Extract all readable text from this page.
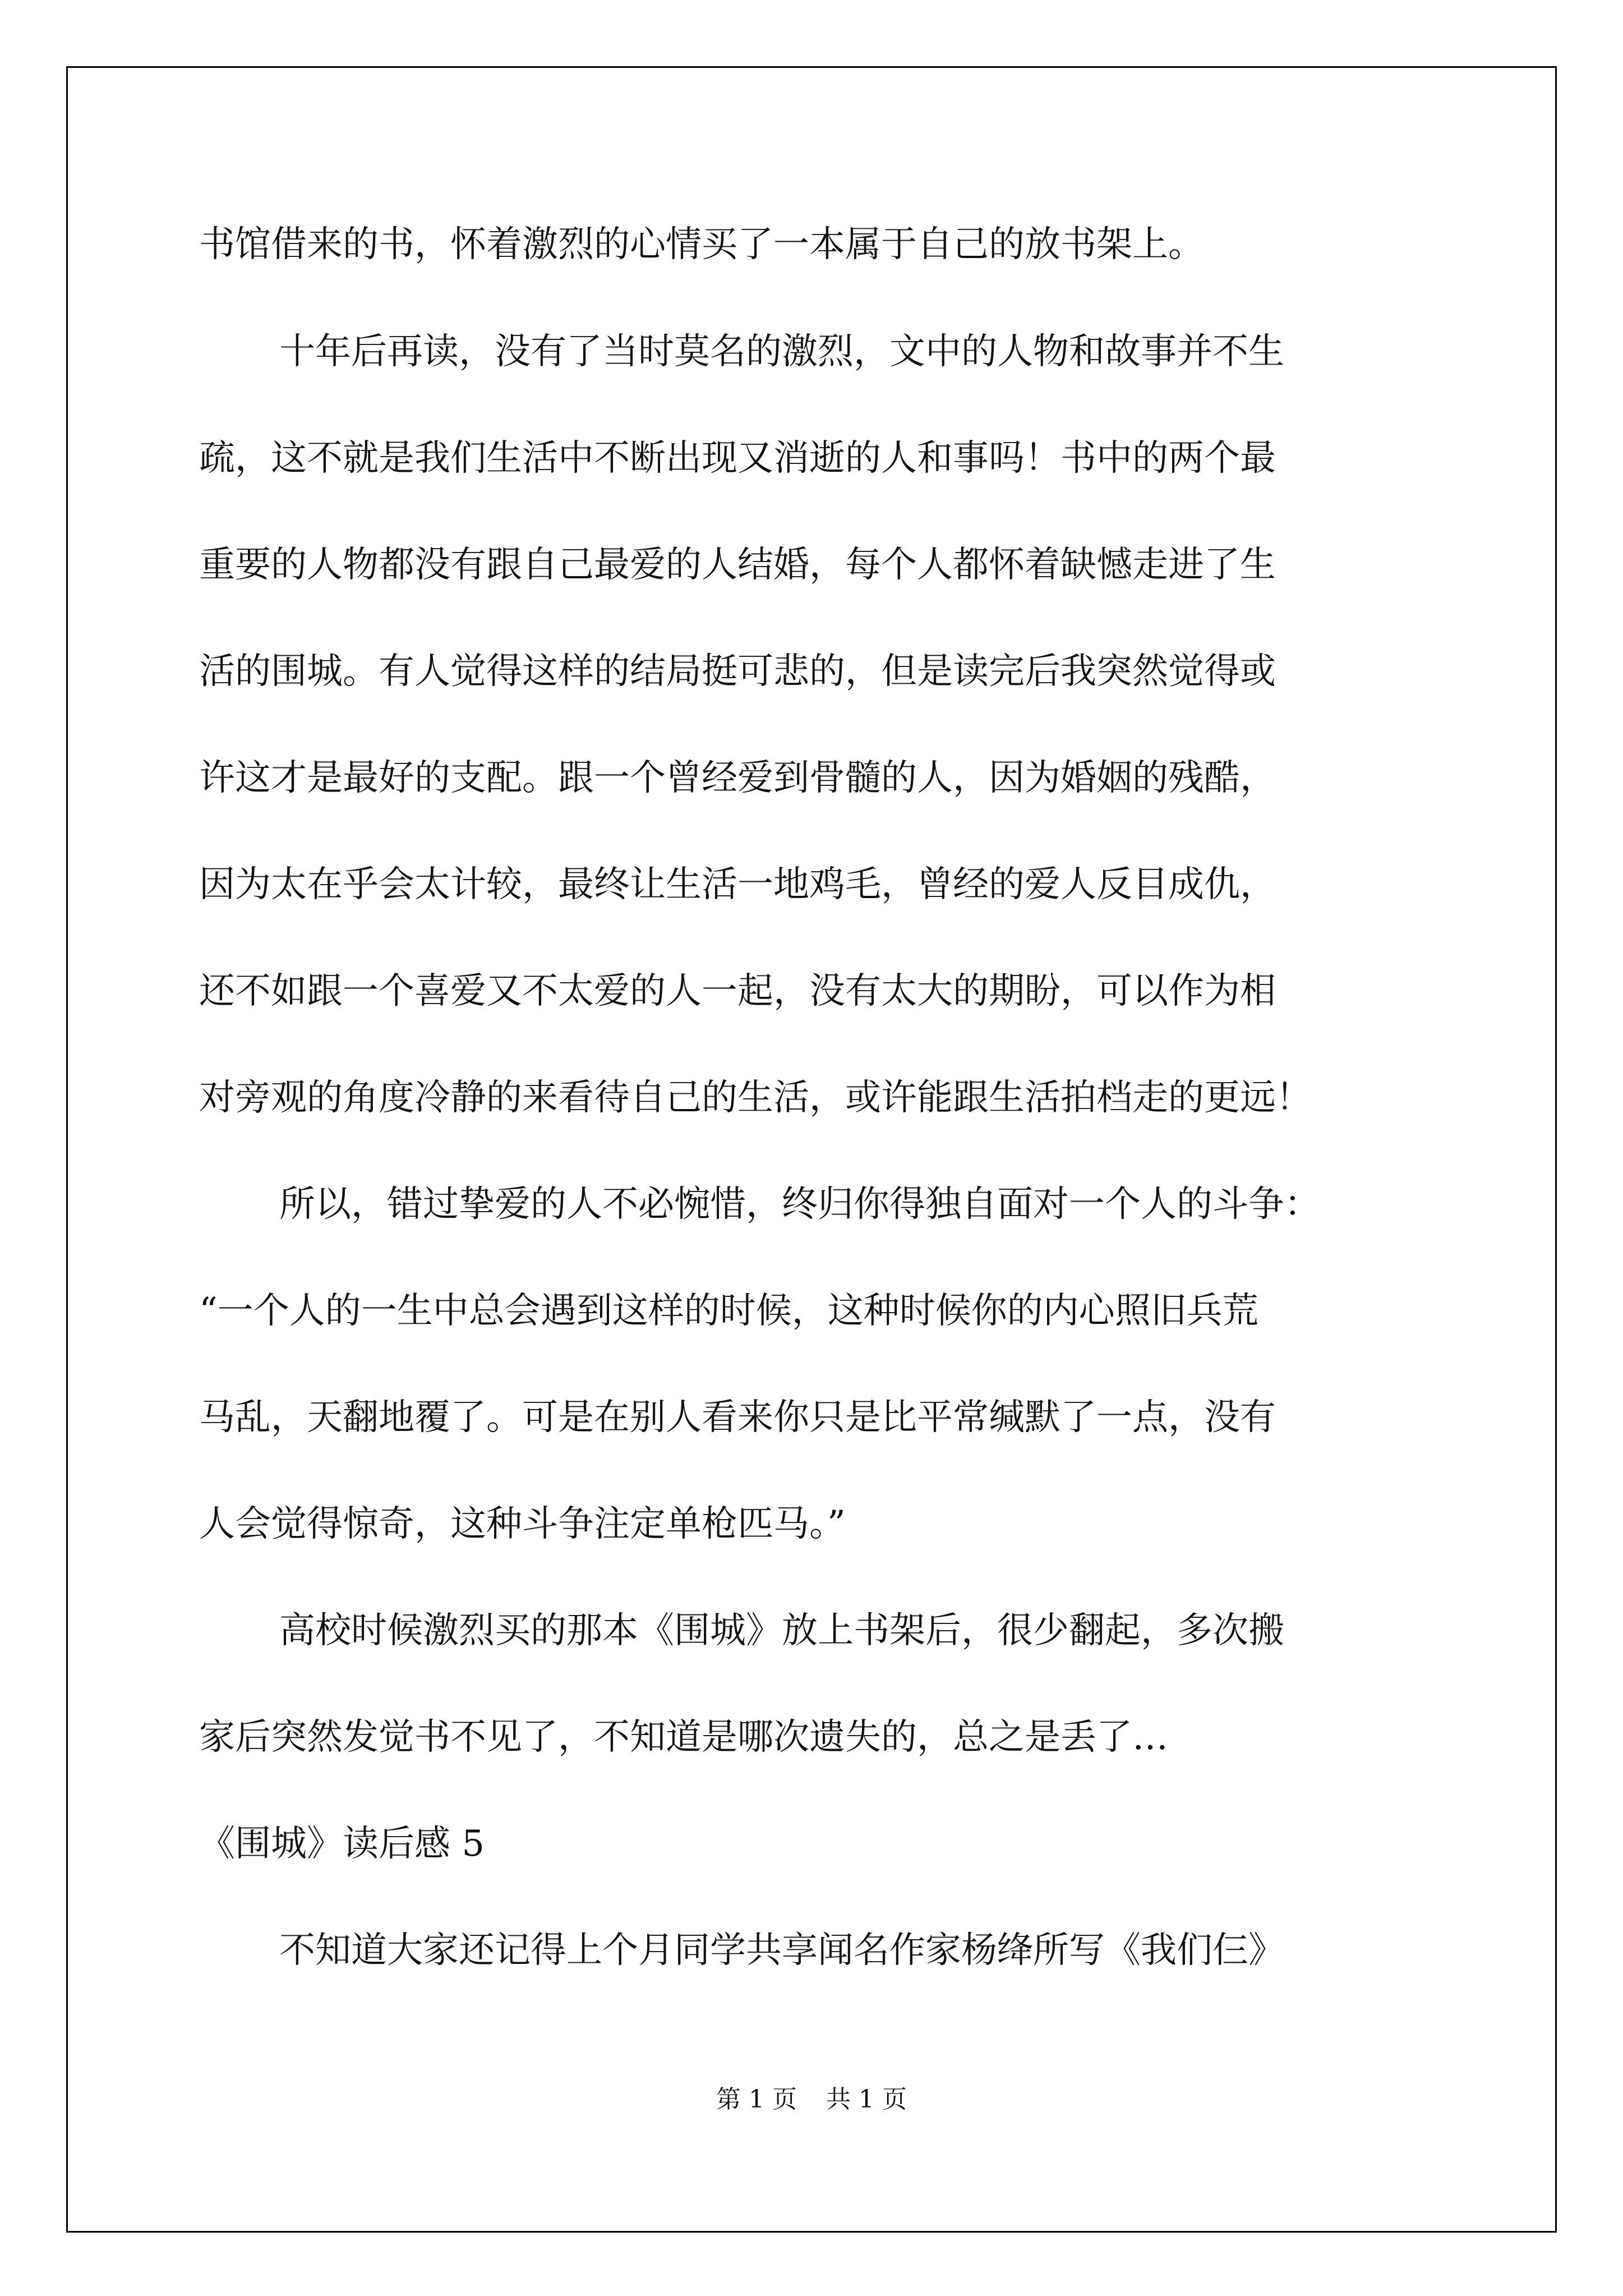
书馆借来的书，怀着激烈的心情买了一本属于自己的放书架上。
十年后再读，没有了当时莫名的激烈，文中的人物和故事并不生
疏，这不就是我们生活中不断出现又消逝的人和事吗！书中的两个最
重要的人物都没有跟自己最爱的人结婚，每个人都怀着缺憾走进了生
活的围城。有人觉得这样的结局挺可悲的，但是读完后我突然觉得或
许这才是最好的支配。跟一个曾经爱到骨髓的人，因为婚姻的残酷，
因为太在乎会太计较，最终让生活一地鸡毛，曾经的爱人反目成仇，
还不如跟一个喜爱又不太爱的人一起，没有太大的期盼，可以作为相
对旁观的角度冷静的来看待自己的生活，或许能跟生活拍档走的更远！
所以，错过挚爱的人不必惋惜，终归你得独自面对一个人的斗争：
“一个人的一生中总会遇到这样的时候，这种时候你的内心照旧兵荒
马乱，天翻地覆了。可是在别人看来你只是比平常缄默了一点，没有
人会觉得惊奇，这种斗争注定单枪匹马。”
高校时候激烈买的那本《围城》放上书架后，很少翻起，多次搬
家后突然发觉书不见了，不知道是哪次遗失的，总之是丢了…
《围城》读后感 5
不知道大家还记得上个月同学共享闻名作家杨绛所写《我们仨》
第 1 页 共 1 页
